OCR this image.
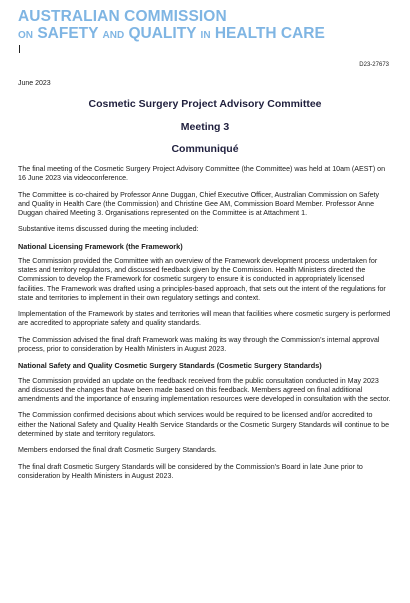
AUSTRALIAN COMMISSION
ON SAFETY AND QUALITY IN HEALTH CARE
D23-27673
June 2023
Cosmetic Surgery Project Advisory Committee
Meeting 3
Communiqué

The final meeting of the Cosmetic Surgery Project Advisory Committee (the Committee) was held at 10am (AEST) on 16 June 2023 via videoconference.

The Committee is co-chaired by Professor Anne Duggan, Chief Executive Officer, Australian Commission on Safety and Quality in Health Care (the Commission) and Christine Gee AM, Commission Board Member. Professor Anne Duggan chaired Meeting 3. Organisations represented on the Committee is at Attachment 1.

Substantive items discussed during the meeting included:

National Licensing Framework (the Framework)

The Commission provided the Committee with an overview of the Framework development process undertaken for states and territory regulators, and discussed feedback given by the Commission. Health Ministers directed the Commission to develop the Framework for cosmetic surgery to ensure it is conducted in appropriately licensed facilities. The Framework was drafted using a principles-based approach, that sets out the intent of the regulations for state and territories to implement in their own regulatory settings and context.

Implementation of the Framework by states and territories will mean that facilities where cosmetic surgery is performed are accredited to appropriate safety and quality standards.

The Commission advised the final draft Framework was making its way through the Commission’s internal approval process, prior to consideration by Health Ministers in August 2023.

National Safety and Quality Cosmetic Surgery Standards (Cosmetic Surgery Standards)

The Commission provided an update on the feedback received from the public consultation conducted in May 2023 and discussed the changes that have been made based on this feedback. Members agreed on final additional amendments and the importance of ensuring implementation resources were developed in consultation with the sector.

The Commission confirmed decisions about which services would be required to be licensed and/or accredited to either the National Safety and Quality Health Service Standards or the Cosmetic Surgery Standards will continue to be determined by state and territory regulators.

Members endorsed the final draft Cosmetic Surgery Standards.

The final draft Cosmetic Surgery Standards will be considered by the Commission’s Board in late June prior to consideration by Health Ministers in August 2023.
